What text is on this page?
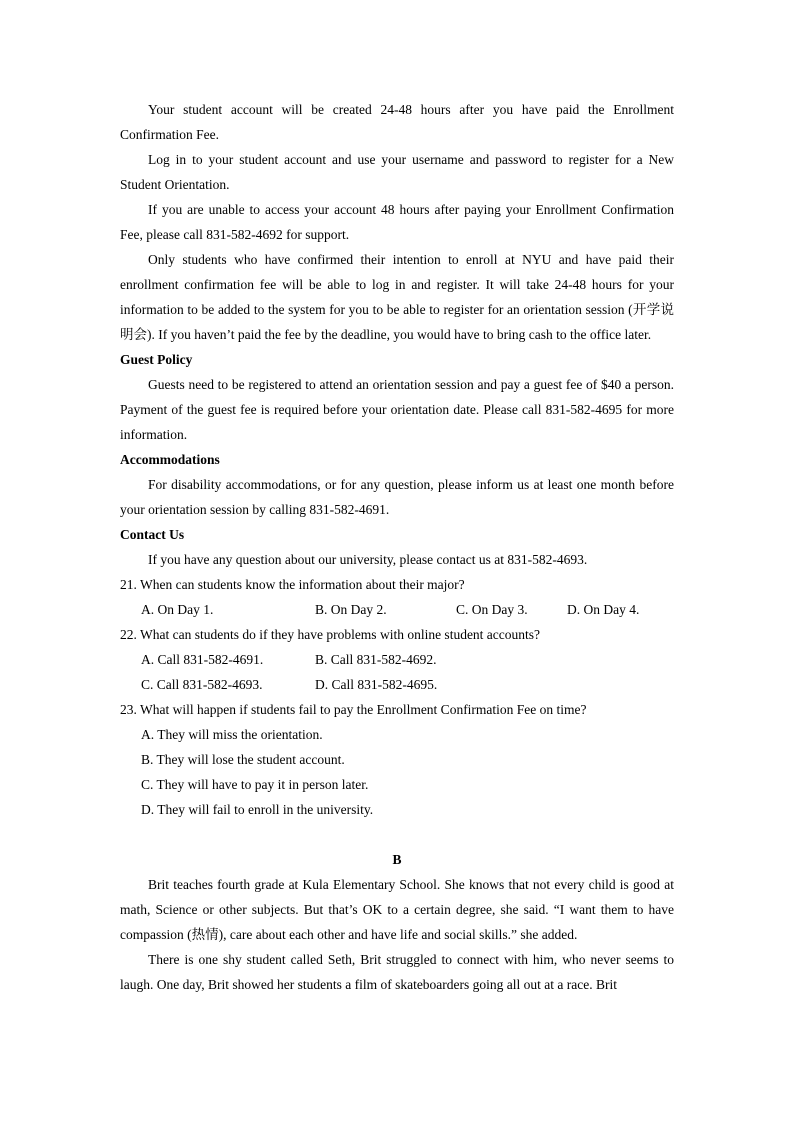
Your student account will be created 24-48 hours after you have paid the Enrollment Confirmation Fee.

Log in to your student account and use your username and password to register for a New Student Orientation.

If you are unable to access your account 48 hours after paying your Enrollment Confirmation Fee, please call 831-582-4692 for support.

Only students who have confirmed their intention to enroll at NYU and have paid their enrollment confirmation fee will be able to log in and register. It will take 24-48 hours for your information to be added to the system for you to be able to register for an orientation session (开学说明会). If you haven’t paid the fee by the deadline, you would have to bring cash to the office later.

Guest Policy

Guests need to be registered to attend an orientation session and pay a guest fee of $40 a person. Payment of the guest fee is required before your orientation date. Please call 831-582-4695 for more information.

Accommodations

For disability accommodations, or for any question, please inform us at least one month before your orientation session by calling 831-582-4691.

Contact Us

If you have any question about our university, please contact us at 831-582-4693.

21. When can students know the information about their major?

A. On Day 1.	B. On Day 2.	C. On Day 3.	D. On Day 4.

22. What can students do if they have problems with online student accounts?

A. Call 831-582-4691.	B. Call 831-582-4692.
C. Call 831-582-4693.	D. Call 831-582-4695.

23. What will happen if students fail to pay the Enrollment Confirmation Fee on time?

A. They will miss the orientation.

B. They will lose the student account.

C. They will have to pay it in person later.

D. They will fail to enroll in the university.

B

Brit teaches fourth grade at Kula Elementary School. She knows that not every child is good at math, Science or other subjects. But that’s OK to a certain degree, she said. “I want them to have compassion (热情), care about each other and have life and social skills.” she added.

There is one shy student called Seth, Brit struggled to connect with him, who never seems to laugh. One day, Brit showed her students a film of skateboarders going all out at a race. Brit
